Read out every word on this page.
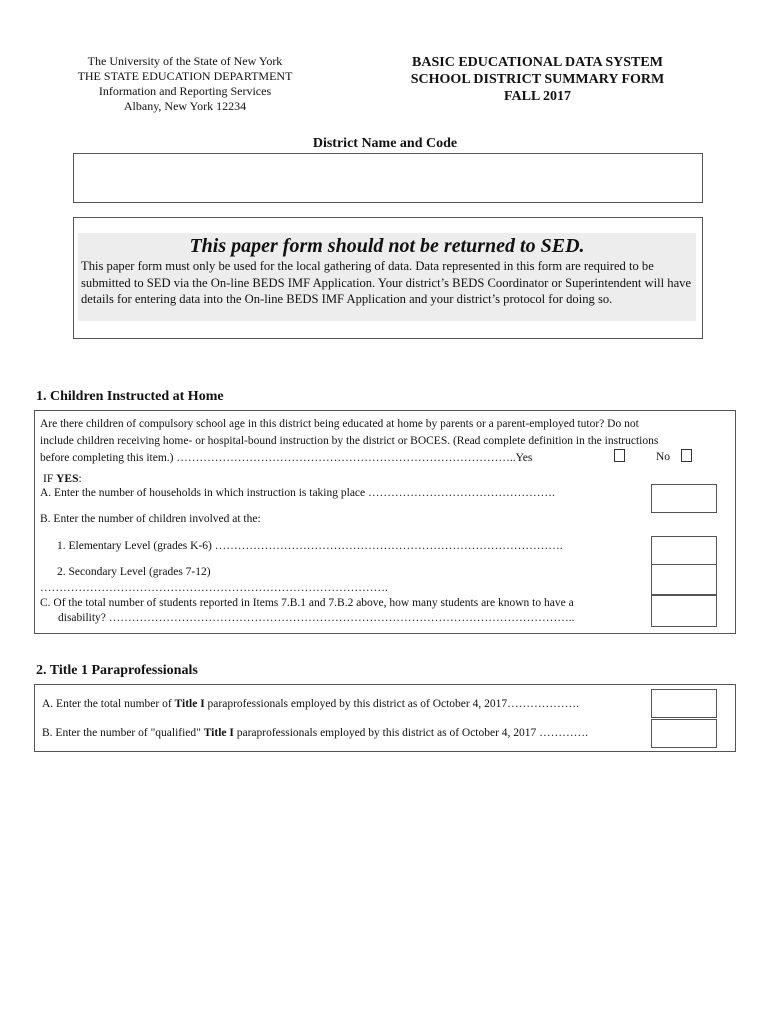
The University of the State of New York
THE STATE EDUCATION DEPARTMENT
Information and Reporting Services
Albany, New York 12234
BASIC EDUCATIONAL DATA SYSTEM
SCHOOL DISTRICT SUMMARY FORM
FALL 2017
District Name and Code
This paper form should not be returned to SED.
This paper form must only be used for the local gathering of data. Data represented in this form are required to be submitted to SED via the On-line BEDS IMF Application. Your district’s BEDS Coordinator or Superintendent will have details for entering data into the On-line BEDS IMF Application and your district’s protocol for doing so.
1. Children Instructed at Home
Are there children of compulsory school age in this district being educated at home by parents or a parent-employed tutor? Do not include children receiving home- or hospital-bound instruction by the district or BOCES. (Read complete definition in the instructions before completing this item.) ……………………………………………………………………………..Yes	No
IF YES:
A. Enter the number of households in which instruction is taking place ………………………………………….
B. Enter the number of children involved at the:
1. Elementary Level (grades K-6) ……………………………………………………………………………….
2. Secondary Level (grades 7-12)
……………………………………………………………………………….
C. Of the total number of students reported in Items 7.B.1 and 7.B.2 above, how many students are known to have a
disability? …………………………………………………………………………………………………………..
2. Title 1 Paraprofessionals
A. Enter the total number of Title I paraprofessionals employed by this district as of October 4, 2017……………….
B. Enter the number of "qualified" Title I paraprofessionals employed by this district as of October 4, 2017 ………….
